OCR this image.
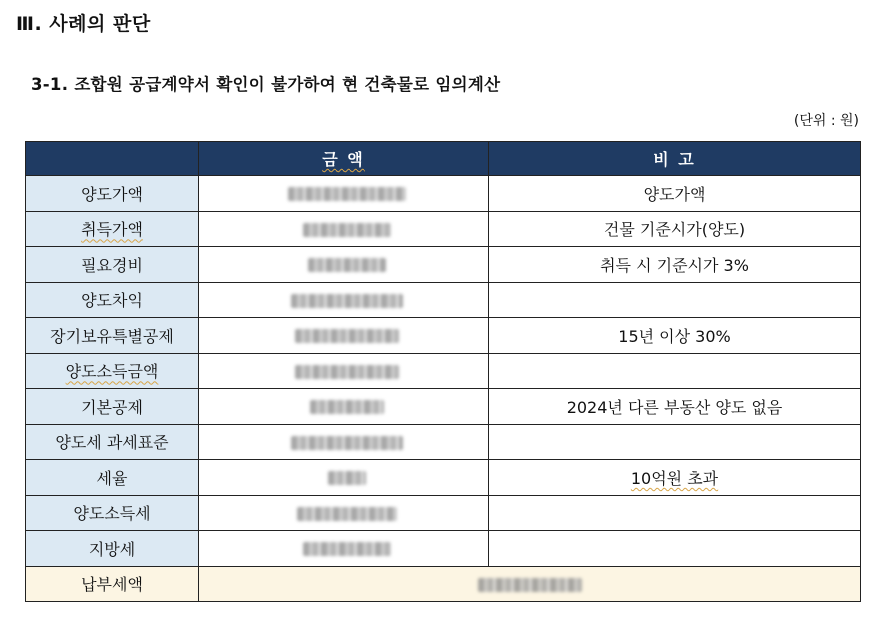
Ⅲ. 사례의 판단
3-1. 조합원 공급계약서 확인이 불가하여 현 건축물로 임의계산
(단위 : 원)
	금 액	비 고
양도가액		양도가액
취득가액		건물 기준시가(양도)
필요경비		취득 시 기준시가 3%
양도차익		
장기보유특별공제		15년 이상 30%
양도소득금액		
기본공제		2024년 다른 부동산 양도 없음
양도세 과세표준		
세율		10억원 초과
양도소득세		
지방세		
납부세액		
